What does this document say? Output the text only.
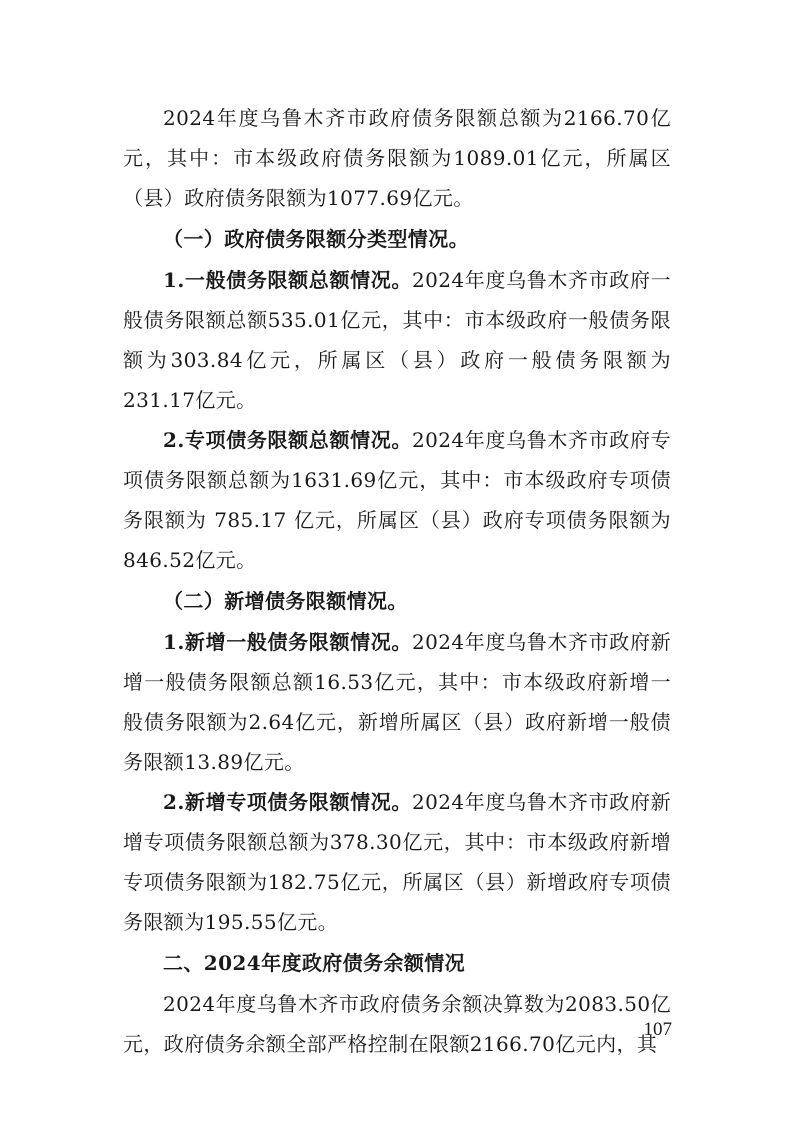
2024年度乌鲁木齐市政府债务限额总额为2166.70亿元，其中：市本级政府债务限额为1089.01亿元，所属区（县）政府债务限额为1077.69亿元。

（一）政府债务限额分类型情况。

1.一般债务限额总额情况。2024年度乌鲁木齐市政府一般债务限额总额535.01亿元，其中：市本级政府一般债务限额为303.84亿元，所属区（县）政府一般债务限额为231.17亿元。

2.专项债务限额总额情况。2024年度乌鲁木齐市政府专项债务限额总额为1631.69亿元，其中：市本级政府专项债务限额为 785.17 亿元，所属区（县）政府专项债务限额为846.52亿元。

（二）新增债务限额情况。

1.新增一般债务限额情况。2024年度乌鲁木齐市政府新增一般债务限额总额16.53亿元，其中：市本级政府新增一般债务限额为2.64亿元，新增所属区（县）政府新增一般债务限额13.89亿元。

2.新增专项债务限额情况。2024年度乌鲁木齐市政府新增专项债务限额总额为378.30亿元，其中：市本级政府新增专项债务限额为182.75亿元，所属区（县）新增政府专项债务限额为195.55亿元。

二、2024年度政府债务余额情况

2024年度乌鲁木齐市政府债务余额决算数为2083.50亿元，政府债务余额全部严格控制在限额2166.70亿元内，其

107
